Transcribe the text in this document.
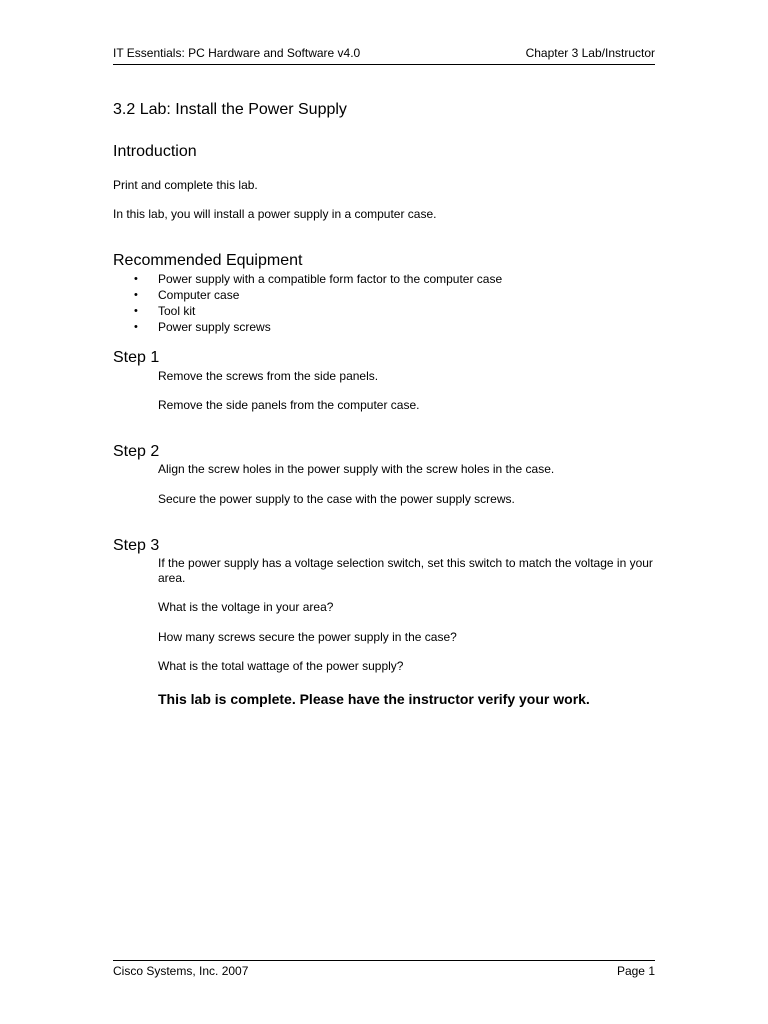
IT Essentials: PC Hardware and Software v4.0	Chapter 3 Lab/Instructor
3.2 Lab: Install the Power Supply
Introduction

Print and complete this lab.

In this lab, you will install a power supply in a computer case.

Recommended Equipment
• Power supply with a compatible form factor to the computer case
• Computer case
• Tool kit
• Power supply screws
Step 1

Remove the screws from the side panels.

Remove the side panels from the computer case.

Step 2

Align the screw holes in the power supply with the screw holes in the case.

Secure the power supply to the case with the power supply screws.

Step 3

If the power supply has a voltage selection switch, set this switch to match the voltage in your area.

What is the voltage in your area?

How many screws secure the power supply in the case?

What is the total wattage of the power supply?

This lab is complete. Please have the instructor verify your work.

Cisco Systems, Inc. 2007	Page 1
